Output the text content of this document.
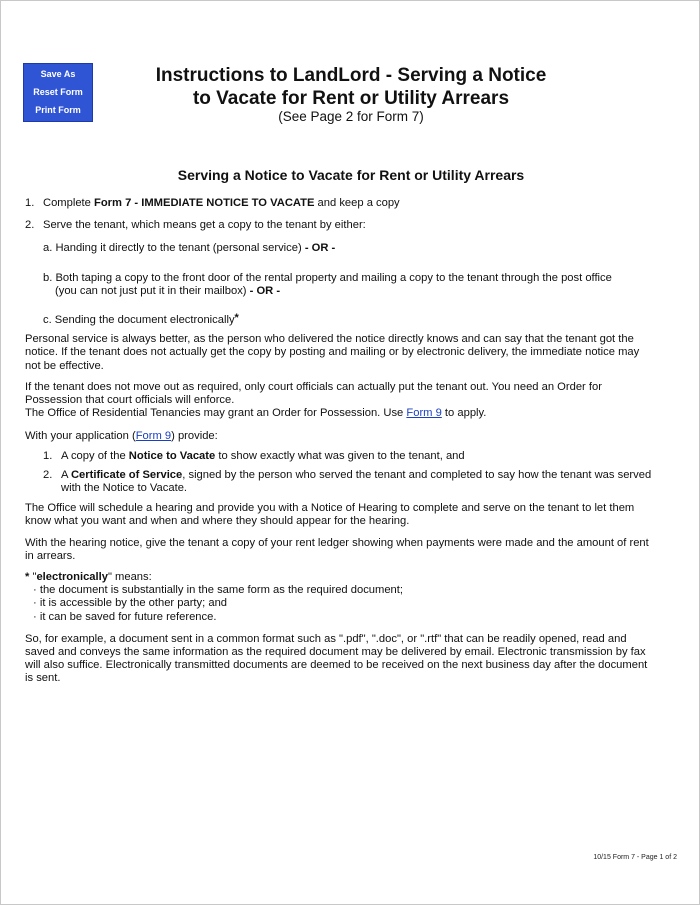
Save As
Reset Form
Print Form
Instructions to LandLord - Serving a Notice
to Vacate for Rent or Utility Arrears
(See Page 2 for Form 7)
Serving a Notice to Vacate for Rent or Utility Arrears
1. Complete Form 7 - IMMEDIATE NOTICE TO VACATE and keep a copy
2. Serve the tenant, which means get a copy to the tenant by either:

a. Handing it directly to the tenant (personal service) - OR -

b. Both taping a copy to the front door of the rental property and mailing a copy to the tenant through the post office
(you can not just put it in their mailbox) - OR -

c. Sending the document electronically*

Personal service is always better, as the person who delivered the notice directly knows and can say that the tenant got the notice. If the tenant does not actually get the copy by posting and mailing or by electronic delivery, the immediate notice may not be effective.

If the tenant does not move out as required, only court officials can actually put the tenant out. You need an Order for Possession that court officials will enforce.

The Office of Residential Tenancies may grant an Order for Possession. Use Form 9 to apply.

With your application (Form 9) provide:

1. A copy of the Notice to Vacate to show exactly what was given to the tenant, and
2. A Certificate of Service, signed by the person who served the tenant and completed to say how the tenant was served with the Notice to Vacate.

The Office will schedule a hearing and provide you with a Notice of Hearing to complete and serve on the tenant to let them know what you want and when and where they should appear for the hearing.

With the hearing notice, give the tenant a copy of your rent ledger showing when payments were made and the amount of rent in arrears.

* "electronically" means:

· the document is substantially in the same form as the required document;
· it is accessible by the other party; and
· it can be saved for future reference.

So, for example, a document sent in a common format such as ".pdf", ".doc", or ".rtf" that can be readily opened, read and saved and conveys the same information as the required document may be delivered by email. Electronic transmission by fax will also suffice. Electronically transmitted documents are deemed to be received on the next business day after the document is sent.

10/15 Form 7 - Page 1 of 2
